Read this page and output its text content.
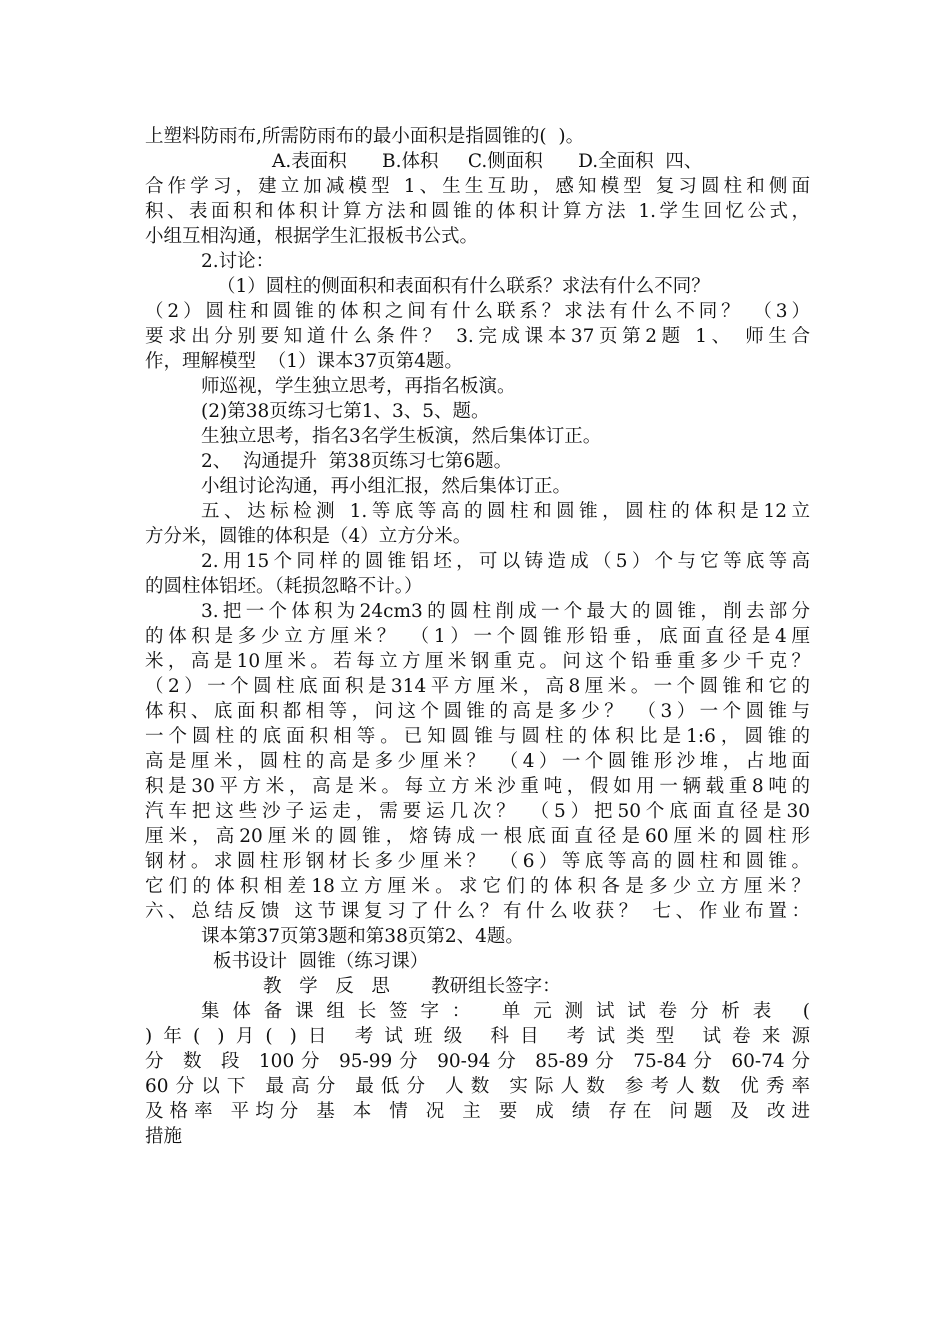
上塑料防雨布,所需防雨布的最小面积是指圆锥的(  )。
A.表面积      B.体积     C.侧面积      D.全面积  四、
合作学习，建立加减模型 1、生生互助，感知模型 复习圆柱和侧面
积、表面积和体积计算方法和圆锥的体积计算方法 1.学生回忆公式，
小组互相沟通，根据学生汇报板书公式。
2.讨论：
（1）圆柱的侧面积和表面积有什么联系？求法有什么不同？
（2）圆柱和圆锥的体积之间有什么联系？求法有什么不同？ （3）
要求出分别要知道什么条件？ 3.完成课本37页第2题 1、 师生合
作，理解模型  （1）课本37页第4题。
师巡视，学生独立思考，再指名板演。
(2)第38页练习七第1、3、5、题。
生独立思考，指名3名学生板演，然后集体订正。
2、  沟通提升  第38页练习七第6题。
小组讨论沟通，再小组汇报，然后集体订正。
五、达标检测 1.等底等高的圆柱和圆锥，圆柱的体积是12立
方分米，圆锥的体积是（4）立方分米。
2.用15个同样的圆锥铝坯，可以铸造成（5）个与它等底等高
的圆柱体铝坯。（耗损忽略不计。）
3.把一个体积为24cm3的圆柱削成一个最大的圆锥，削去部分
的体积是多少立方厘米？ （1）一个圆锥形铅垂，底面直径是4厘
米，高是10厘米。若每立方厘米钢重克。问这个铅垂重多少千克？
（2）一个圆柱底面积是314平方厘米，高8厘米。一个圆锥和它的
体积、底面积都相等，问这个圆锥的高是多少？ （3）一个圆锥与
一个圆柱的底面积相等。已知圆锥与圆柱的体积比是1:6，圆锥的
高是厘米，圆柱的高是多少厘米？ （4）一个圆锥形沙堆，占地面
积是30平方米，高是米。每立方米沙重吨，假如用一辆载重8吨的
汽车把这些沙子运走，需要运几次？ （5）把50个底面直径是30
厘米，高20厘米的圆锥，熔铸成一根底面直径是60厘米的圆柱形
钢材。求圆柱形钢材长多少厘米？ （6）等底等高的圆柱和圆锥。
它们的体积相差18立方厘米。求它们的体积各是多少立方厘米？
六、总结反馈 这节课复习了什么？有什么收获？ 七、作业布置：
课本第37页第3题和第38页第2、4题。
板书设计  圆锥（练习课）
教   学   反   思       教研组长签字：
集体备课组长签字： 单元测试试卷分析表 (
)年( )月( )日 考试班级 科目 考试类型 试卷来源
分 数 段 100分 95-99分 90-94分 85-89分 75-84分 60-74分
60分以下 最高分 最低分 人数 实际人数 参考人数 优秀率
及格率 平均分 基 本 情 况 主 要 成 绩 存在 问题 及 改进
措施
